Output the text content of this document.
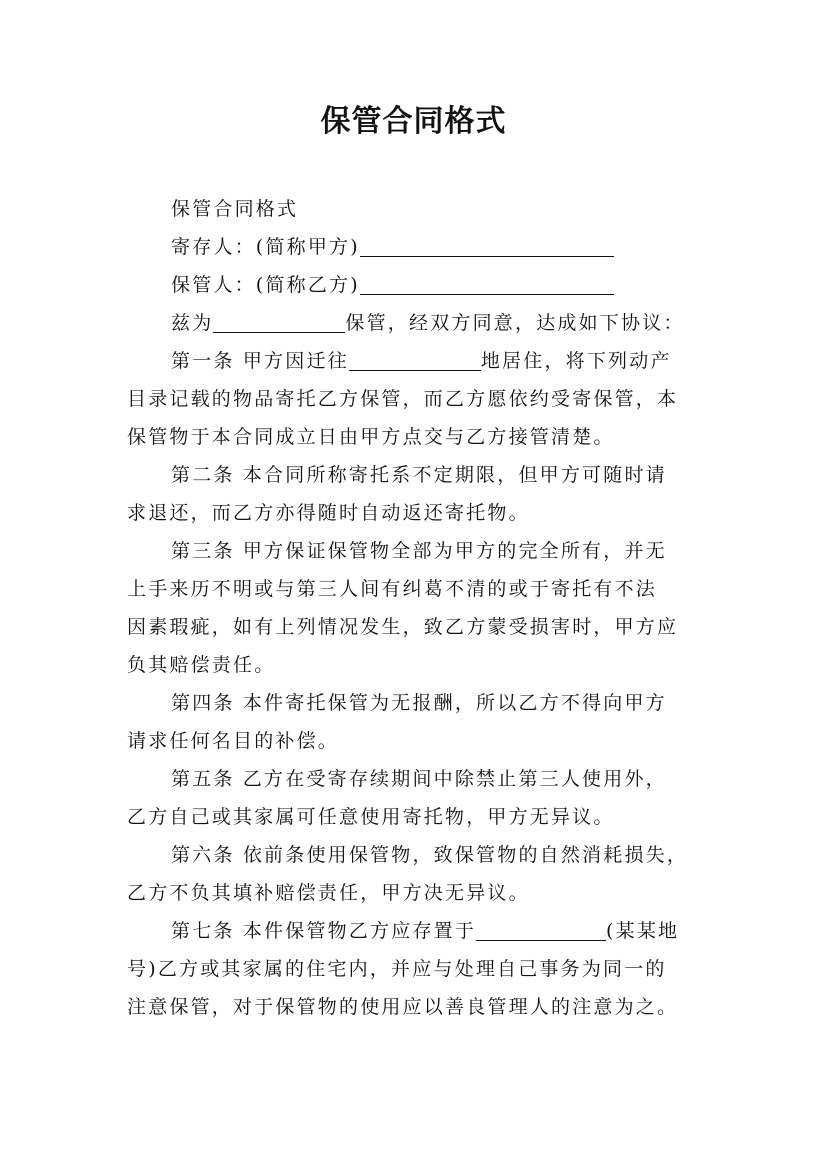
保管合同格式
保管合同格式
寄存人：(简称甲方)
保管人：(简称乙方)
兹为	保管，经双方同意，达成如下协议：
第一条 甲方因迁往	地居住，将下列动产
目录记载的物品寄托乙方保管，而乙方愿依约受寄保管，本
保管物于本合同成立日由甲方点交与乙方接管清楚。
第二条 本合同所称寄托系不定期限，但甲方可随时请
求退还，而乙方亦得随时自动返还寄托物。
第三条 甲方保证保管物全部为甲方的完全所有，并无
上手来历不明或与第三人间有纠葛不清的或于寄托有不法
因素瑕疵，如有上列情况发生，致乙方蒙受损害时，甲方应
负其赔偿责任。
第四条 本件寄托保管为无报酬，所以乙方不得向甲方
请求任何名目的补偿。
第五条 乙方在受寄存续期间中除禁止第三人使用外，
乙方自己或其家属可任意使用寄托物，甲方无异议。
第六条 依前条使用保管物，致保管物的自然消耗损失，
乙方不负其填补赔偿责任，甲方决无异议。
第七条 本件保管物乙方应存置于	(某某地
号)乙方或其家属的住宅内，并应与处理自己事务为同一的
注意保管，对于保管物的使用应以善良管理人的注意为之。
